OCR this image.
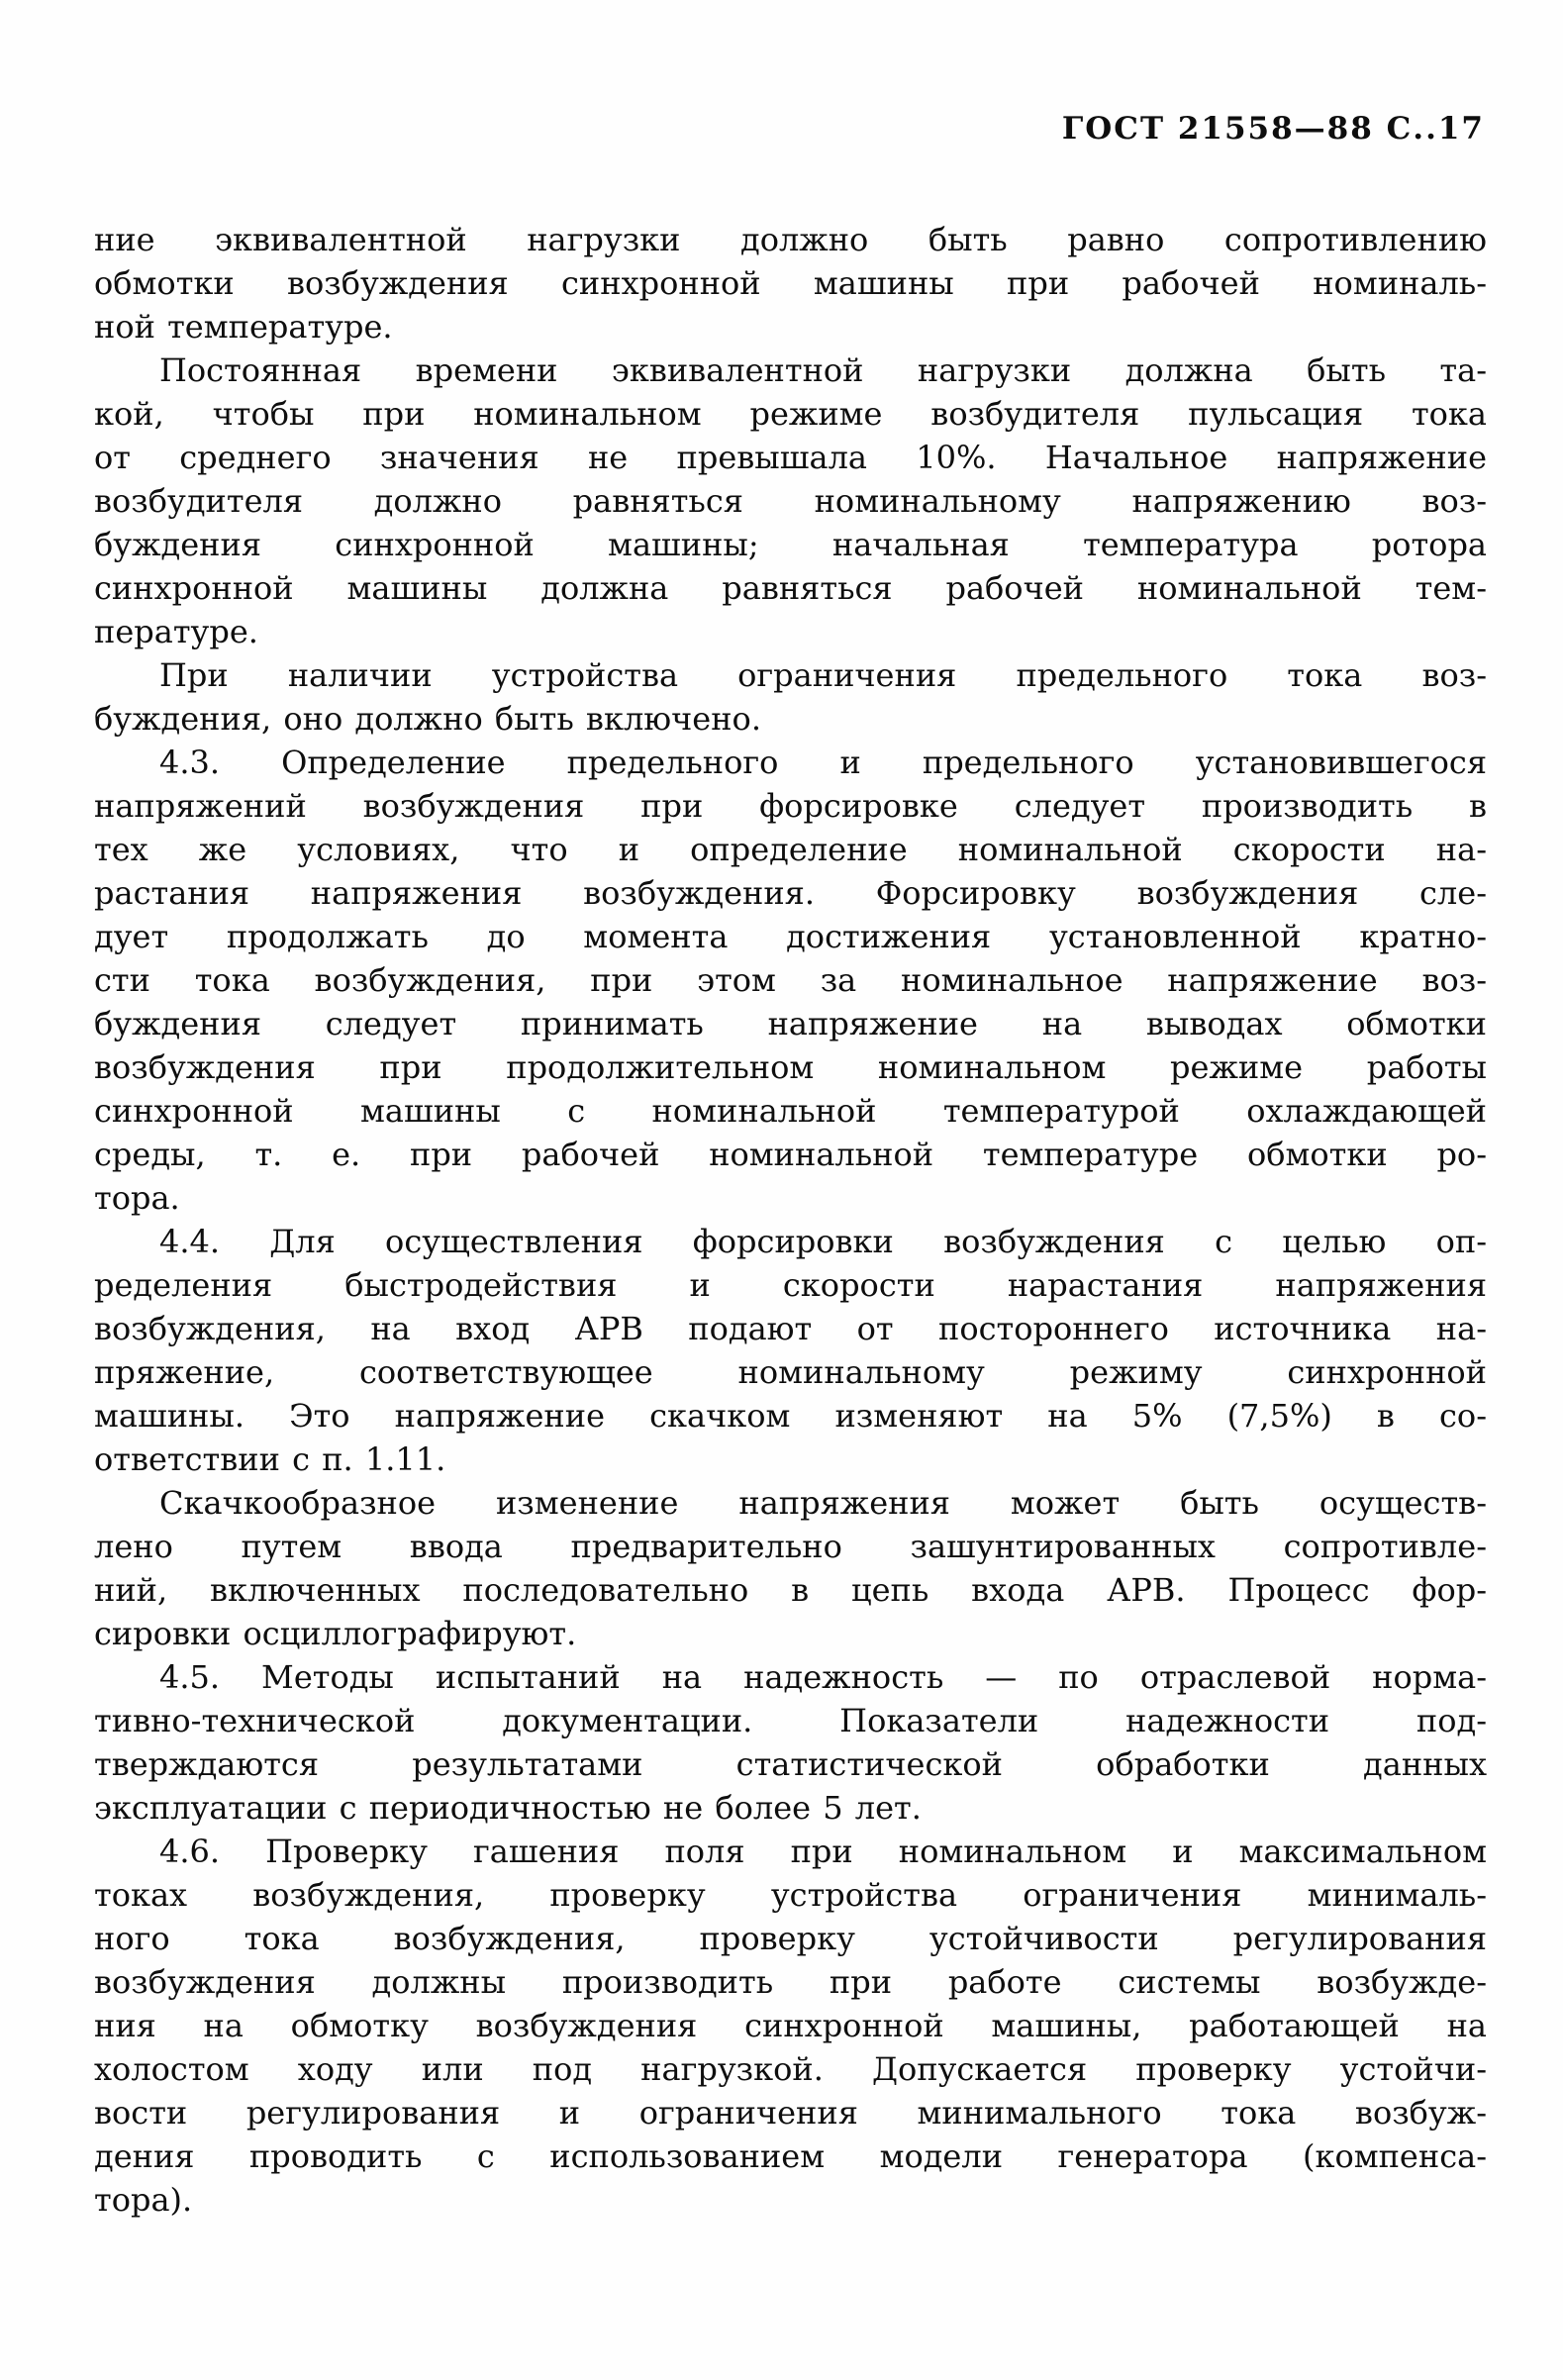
ГОСТ 21558—88 С..17
ние эквивалентной нагрузки должно быть равно сопротивлению
обмотки возбуждения синхронной машины при рабочей номиналь-
ной температуре.
Постоянная времени эквивалентной нагрузки должна быть та-
кой, чтобы при номинальном режиме возбудителя пульсация тока
от среднего значения не превышала 10%. Начальное напряжение
возбудителя должно равняться номинальному напряжению воз-
буждения синхронной машины; начальная температура ротора
синхронной машины должна равняться рабочей номинальной тем-
пературе.
При наличии устройства ограничения предельного тока воз-
буждения, оно должно быть включено.
4.3. Определение предельного и предельного установившегося
напряжений возбуждения при форсировке следует производить в
тех же условиях, что и определение номинальной скорости на-
растания напряжения возбуждения. Форсировку возбуждения сле-
дует продолжать до момента достижения установленной кратно-
сти тока возбуждения, при этом за номинальное напряжение воз-
буждения следует принимать напряжение на выводах обмотки
возбуждения при продолжительном номинальном режиме работы
синхронной машины с номинальной температурой охлаждающей
среды, т. е. при рабочей номинальной температуре обмотки ро-
тора.
4.4. Для осуществления форсировки возбуждения с целью оп-
ределения быстродействия и скорости нарастания напряжения
возбуждения, на вход АРВ подают от постороннего источника на-
пряжение, соответствующее номинальному режиму синхронной
машины. Это напряжение скачком изменяют на 5% (7,5%) в со-
ответствии с п. 1.11.
Скачкообразное изменение напряжения может быть осуществ-
лено путем ввода предварительно зашунтированных сопротивле-
ний, включенных последовательно в цепь входа АРВ. Процесс фор-
сировки осциллографируют.
4.5. Методы испытаний на надежность — по отраслевой норма-
тивно-технической документации. Показатели надежности под-
тверждаются результатами статистической обработки данных
эксплуатации с периодичностью не более 5 лет.
4.6. Проверку гашения поля при номинальном и максимальном
токах возбуждения, проверку устройства ограничения минималь-
ного тока возбуждения, проверку устойчивости регулирования
возбуждения должны производить при работе системы возбужде-
ния на обмотку возбуждения синхронной машины, работающей на
холостом ходу или под нагрузкой. Допускается проверку устойчи-
вости регулирования и ограничения минимального тока возбуж-
дения проводить с использованием модели генератора (компенса-
тора).
